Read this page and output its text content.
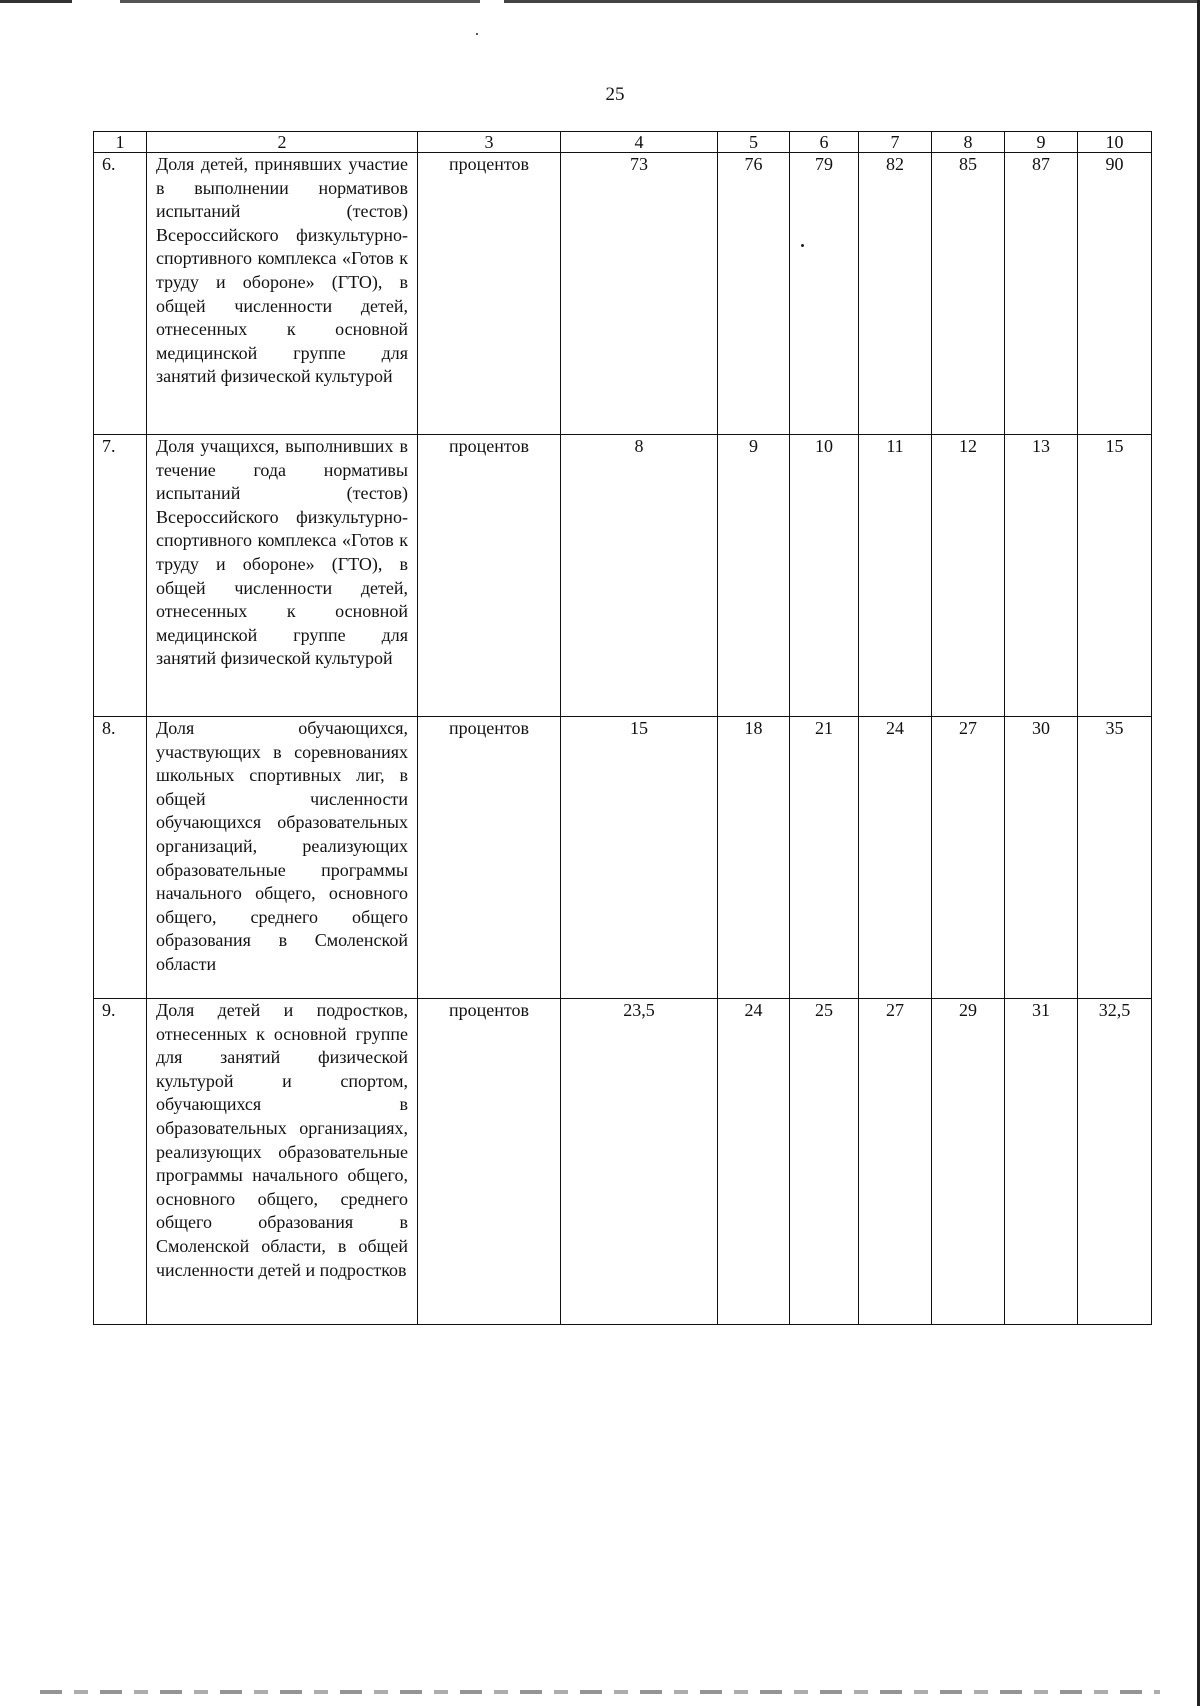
25
1	2	3	4	5	6	7	8	9	10
6.	Доля детей, принявших участие в выполнении нормативов испытаний (тестов) Всероссийского физкультурно-спортивного комплекса «Готов к труду и обороне» (ГТО), в общей численности детей, отнесенных к основной медицинской группе для занятий физической культурой	процентов	73	76	79	82	85	87	90
7.	Доля учащихся, выполнивших в течение года нормативы испытаний (тестов) Всероссийского физкультурно-спортивного комплекса «Готов к труду и обороне» (ГТО), в общей численности детей, отнесенных к основной медицинской группе для занятий физической культурой	процентов	8	9	10	11	12	13	15
8.	Доля обучающихся, участвующих в соревнованиях школьных спортивных лиг, в общей численности обучающихся образовательных организаций, реализующих образовательные программы начального общего, основного общего, среднего общего образования в Смоленской области	процентов	15	18	21	24	27	30	35
9.	Доля детей и подростков, отнесенных к основной группе для занятий физической культурой и спортом, обучающихся в образовательных организациях, реализующих образовательные программы начального общего, основного общего, среднего общего образования в Смоленской области, в общей численности детей и подростков	процентов	23,5	24	25	27	29	31	32,5
